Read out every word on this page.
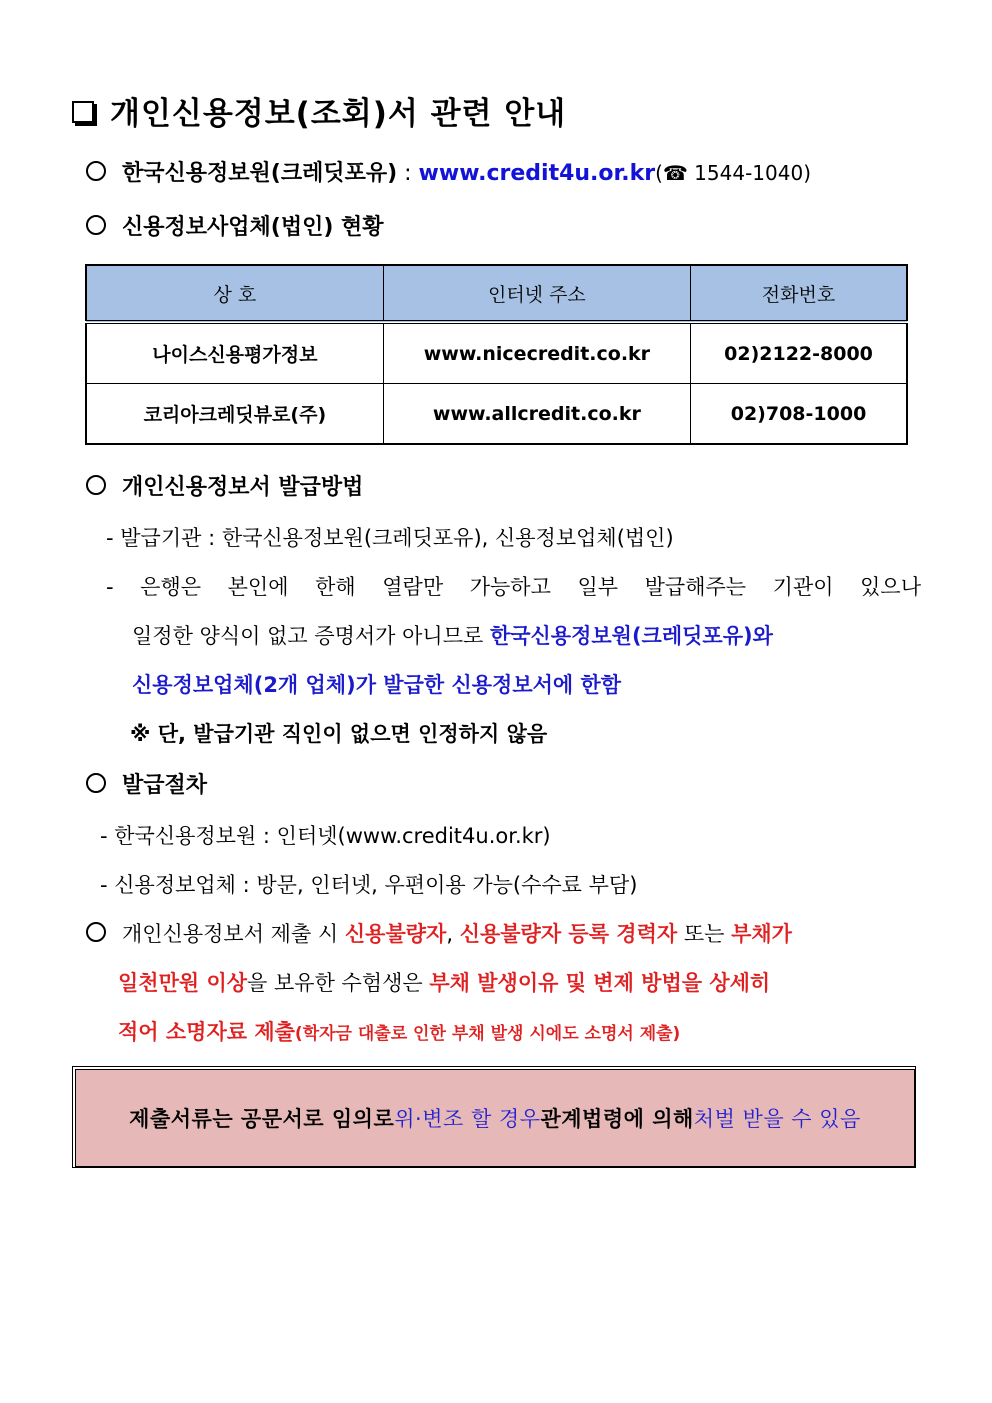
개인신용정보(조회)서 관련 안내
한국신용정보원(크레딧포유) : www.credit4u.or.kr(☎ 1544-1040)
신용정보사업체(법인) 현황
상 호	인터넷 주소	전화번호
나이스신용평가정보	www.nicecredit.co.kr	02)2122-8000
코리아크레딧뷰로(주)	www.allcredit.co.kr	02)708-1000
개인신용정보서 발급방법
- 발급기관 : 한국신용정보원(크레딧포유), 신용정보업체(법인)
- 은행은 본인에 한해 열람만 가능하고 일부 발급해주는 기관이 있으나
일정한 양식이 없고 증명서가 아니므로 한국신용정보원(크레딧포유)와
신용정보업체(2개 업체)가 발급한 신용정보서에 한함
※ 단, 발급기관 직인이 없으면 인정하지 않음
발급절차
- 한국신용정보원 : 인터넷(www.credit4u.or.kr)
- 신용정보업체 : 방문, 인터넷, 우편이용 가능(수수료 부담)
개인신용정보서 제출 시 신용불량자, 신용불량자 등록 경력자 또는 부채가
일천만원 이상을 보유한 수험생은 부채 발생이유 및 변제 방법을 상세히
적어 소명자료 제출(학자금 대출로 인한 부채 발생 시에도 소명서 제출)
제출서류는 공문서로 임의로 위·변조 할 경우 관계법령에 의해 처벌 받을 수 있음
